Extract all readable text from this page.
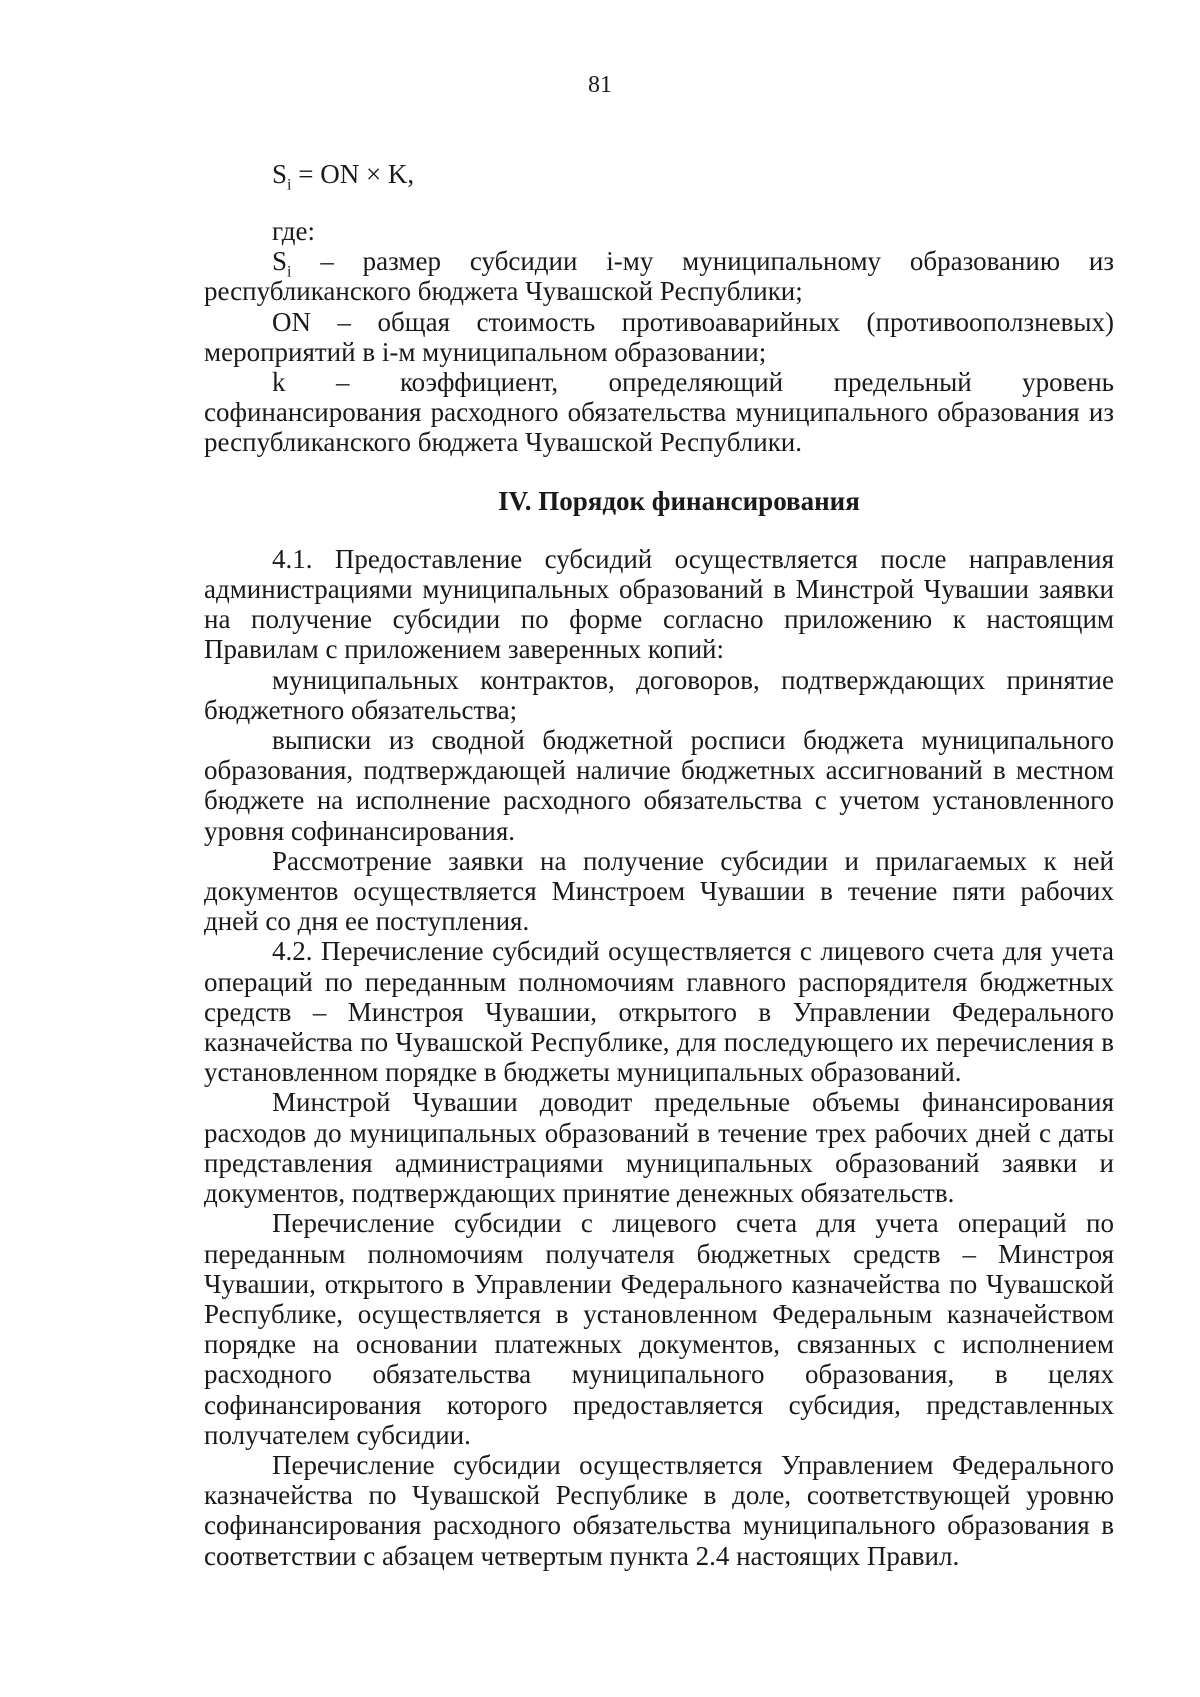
81
$S_i$ = ON × K,

где:

$S_i$ – размер субсидии i-му муниципальному образованию из республиканского бюджета Чувашской Республики;

ON – общая стоимость противоаварийных (противооползневых) мероприятий в i-м муниципальном образовании;

k – коэффициент, определяющий предельный уровень софинансирования расходного обязательства муниципального образования из республиканского бюджета Чувашской Республики.

IV. Порядок финансирования

4.1. Предоставление субсидий осуществляется после направления администрациями муниципальных образований в Минстрой Чувашии заявки на получение субсидии по форме согласно приложению к настоящим Правилам с приложением заверенных копий:

муниципальных контрактов, договоров, подтверждающих принятие бюджетного обязательства;

выписки из сводной бюджетной росписи бюджета муниципального образования, подтверждающей наличие бюджетных ассигнований в местном бюджете на исполнение расходного обязательства с учетом установленного уровня софинансирования.

Рассмотрение заявки на получение субсидии и прилагаемых к ней документов осуществляется Минстроем Чувашии в течение пяти рабочих дней со дня ее поступления.

4.2. Перечисление субсидий осуществляется с лицевого счета для учета операций по переданным полномочиям главного распорядителя бюджетных средств – Минстроя Чувашии, открытого в Управлении Федерального казначейства по Чувашской Республике, для последующего их перечисления в установленном порядке в бюджеты муниципальных образований.

Минстрой Чувашии доводит предельные объемы финансирования расходов до муниципальных образований в течение трех рабочих дней с даты представления администрациями муниципальных образований заявки и документов, подтверждающих принятие денежных обязательств.

Перечисление субсидии с лицевого счета для учета операций по переданным полномочиям получателя бюджетных средств – Минстроя Чувашии, открытого в Управлении Федерального казначейства по Чувашской Республике, осуществляется в установленном Федеральным казначейством порядке на основании платежных документов, связанных с исполнением расходного обязательства муниципального образования, в целях софинансирования которого предоставляется субсидия, представленных получателем субсидии.

Перечисление субсидии осуществляется Управлением Федерального казначейства по Чувашской Республике в доле, соответствующей уровню софинансирования расходного обязательства муниципального образования в соответствии с абзацем четвертым пункта 2.4 настоящих Правил.
